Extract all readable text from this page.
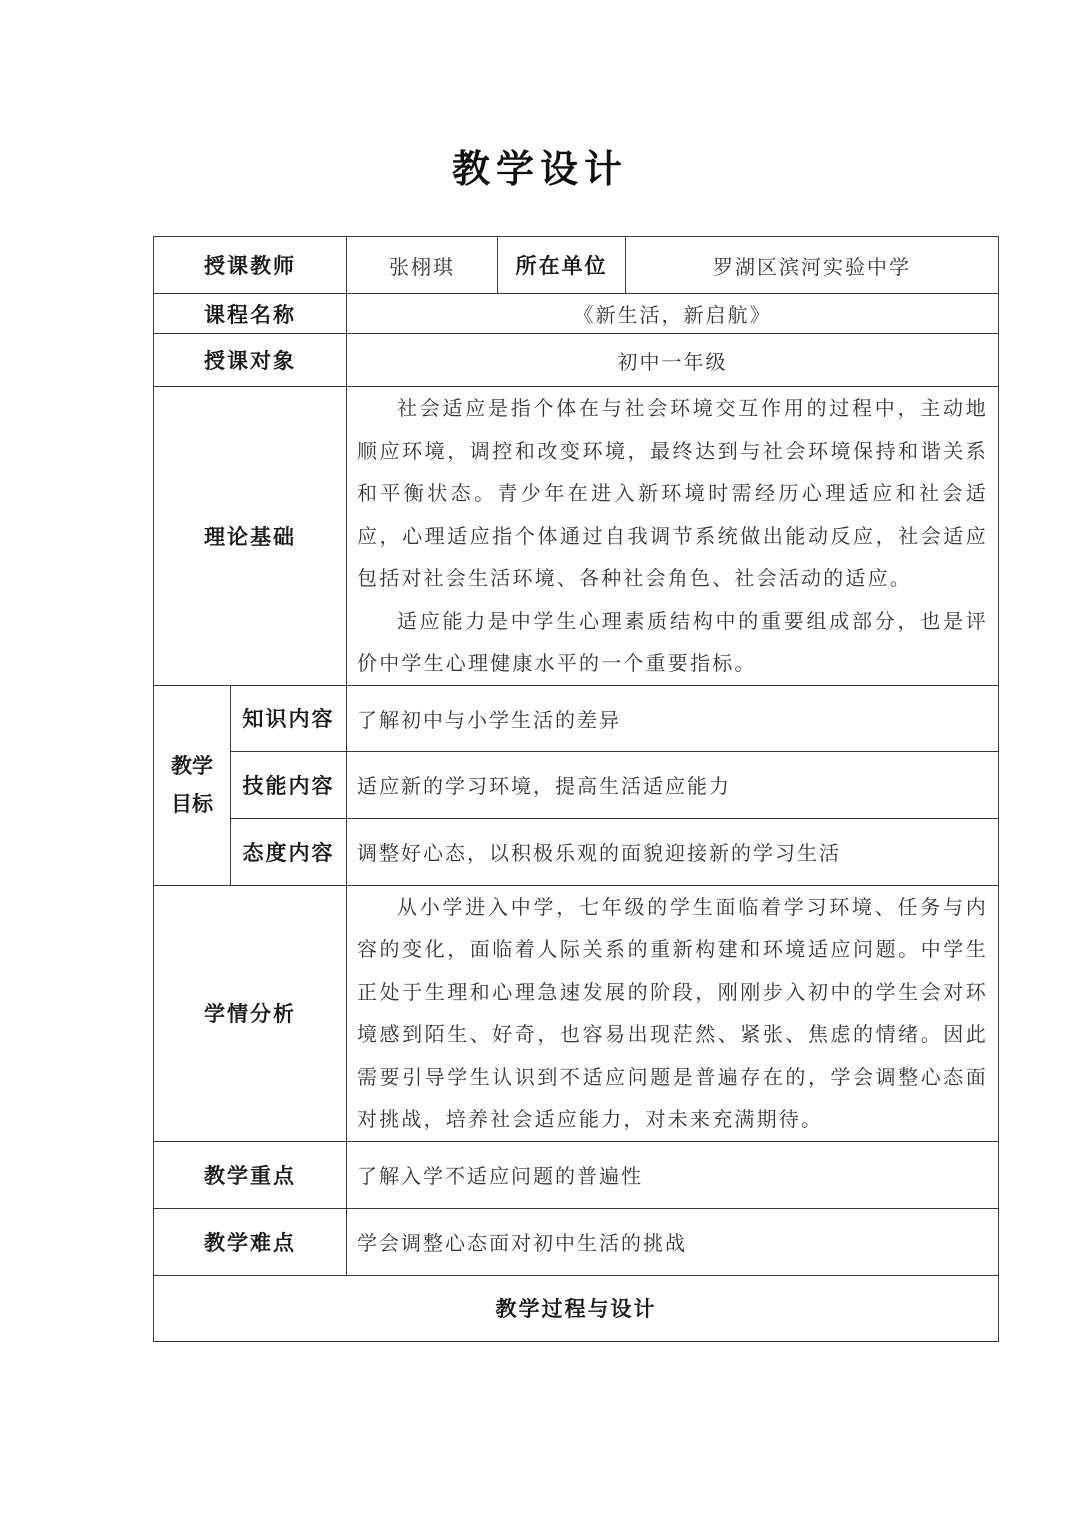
教学设计
授课教师		张栩琪	所在单位	罗湖区滨河实验中学
课程名称		《新生活，新启航》		
授课对象		初中一年级		
理论基础		社会适应是指个体在与社会环境交互作用的过程中，主动地顺应环境，调控和改变环境，最终达到与社会环境保持和谐关系和平衡状态。青少年在进入新环境时需经历心理适应和社会适应，心理适应指个体通过自我调节系统做出能动反应，社会适应包括对社会生活环境、各种社会角色、社会活动的适应。

适应能力是中学生心理素质结构中的重要组成部分，也是评价中学生心理健康水平的一个重要指标。		

教学
目标	知识内容	了解初中与小学生活的差异		
	技能内容	适应新的学习环境，提高生活适应能力		
	态度内容	调整好心态，以积极乐观的面貌迎接新的学习生活		
学情分析		从小学进入中学，七年级的学生面临着学习环境、任务与内容的变化，面临着人际关系的重新构建和环境适应问题。中学生正处于生理和心理急速发展的阶段，刚刚步入初中的学生会对环境感到陌生、好奇，也容易出现茫然、紧张、焦虑的情绪。因此需要引导学生认识到不适应问题是普遍存在的，学会调整心态面对挑战，培养社会适应能力，对未来充满期待。		

教学重点		了解入学不适应问题的普遍性		
教学难点		学会调整心态面对初中生活的挑战		
教学过程与设计				
